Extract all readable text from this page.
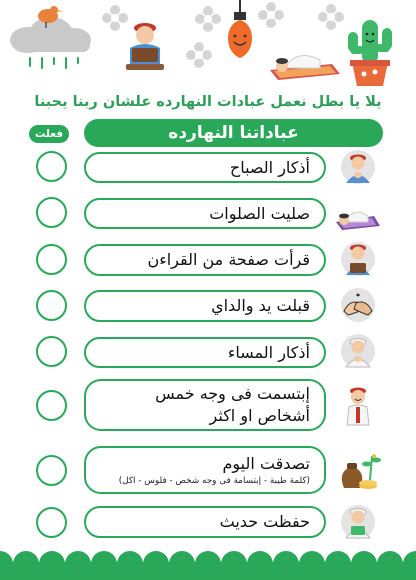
يلا يا بطل نعمل عبادات النهارده علشان ربنا يحبنا
عباداتنا النهارده
فعلت
أذكار الصباح
صليت الصلوات
قرأت صفحة من القراءن
قبلت يد والداي
أذكار المساء
إبتسمت فى وجه خمس
أشخاص او اكثر
تصدقت اليوم
(كلمة طيبة - إبتسامة فى وجه شخص - فلوس - اكل)
حفظت حديث
